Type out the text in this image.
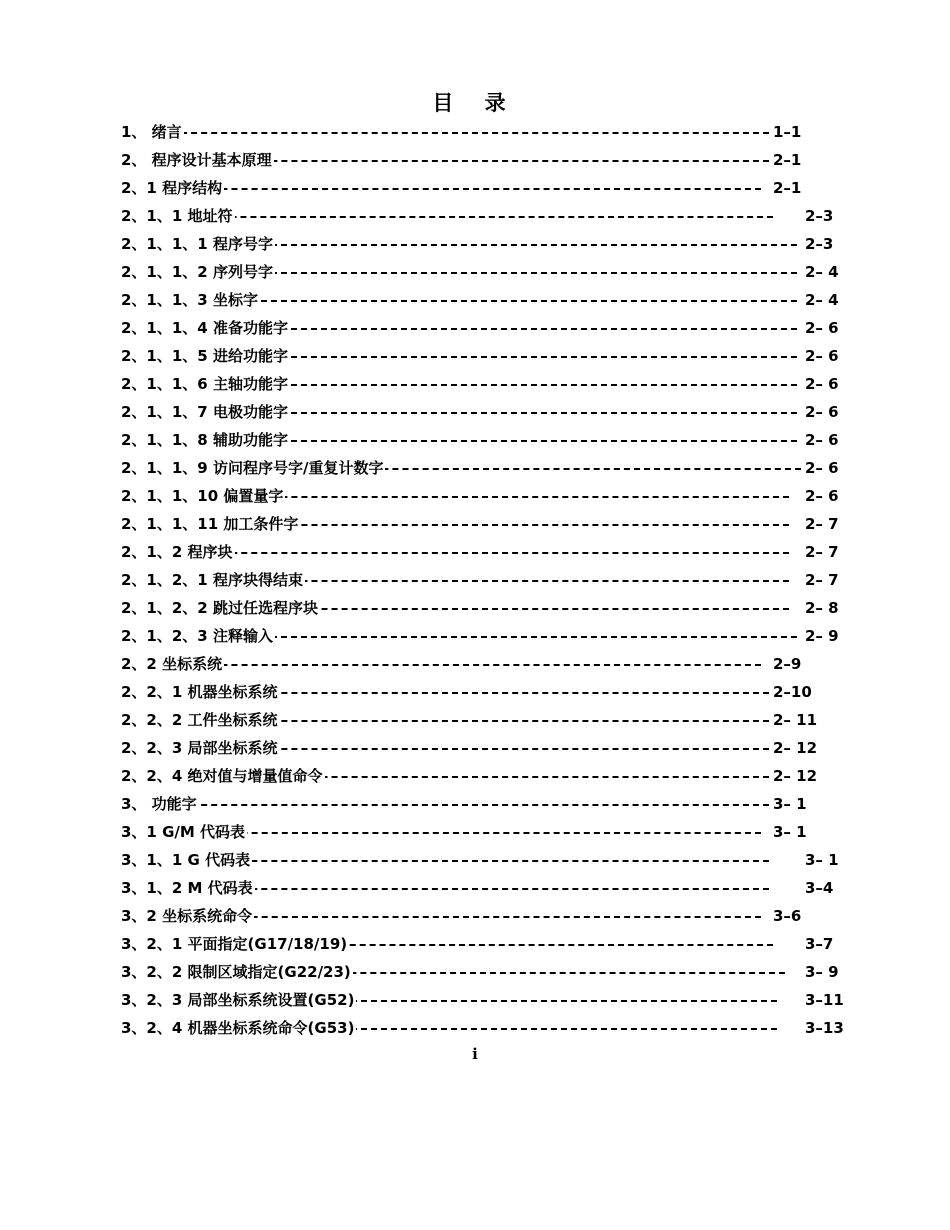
目 录
1、 绪言	1–1
2、 程序设计基本原理	2–1
2、1 程序结构	2–1
2、1、1 地址符	2–3
2、1、1、1 程序号字	2–3
2、1、1、2 序列号字	2– 4
2、1、1、3 坐标字	2– 4
2、1、1、4 准备功能字	2– 6
2、1、1、5 进给功能字	2– 6
2、1、1、6 主轴功能字	2– 6
2、1、1、7 电极功能字	2– 6
2、1、1、8 辅助功能字	2– 6
2、1、1、9 访问程序号字/重复计数字	2– 6
2、1、1、10 偏置量字	2– 6
2、1、1、11 加工条件字	2– 7
2、1、2 程序块	2– 7
2、1、2、1 程序块得结束	2– 7
2、1、2、2 跳过任选程序块	2– 8
2、1、2、3 注释输入	2– 9
2、2 坐标系统	2–9
2、2、1 机器坐标系统	2–10
2、2、2 工件坐标系统	2– 11
2、2、3 局部坐标系统	2– 12
2、2、4 绝对值与增量值命令	2– 12
3、 功能字	3– 1
3、1 G/M 代码表	3– 1
3、1、1 G 代码表	3– 1
3、1、2 M 代码表	3–4
3、2 坐标系统命令	3–6
3、2、1 平面指定(G17/18/19)	3–7
3、2、2 限制区域指定(G22/23)	3– 9
3、2、3 局部坐标系统设置(G52)	3–11
3、2、4 机器坐标系统命令(G53)	3–13
i
